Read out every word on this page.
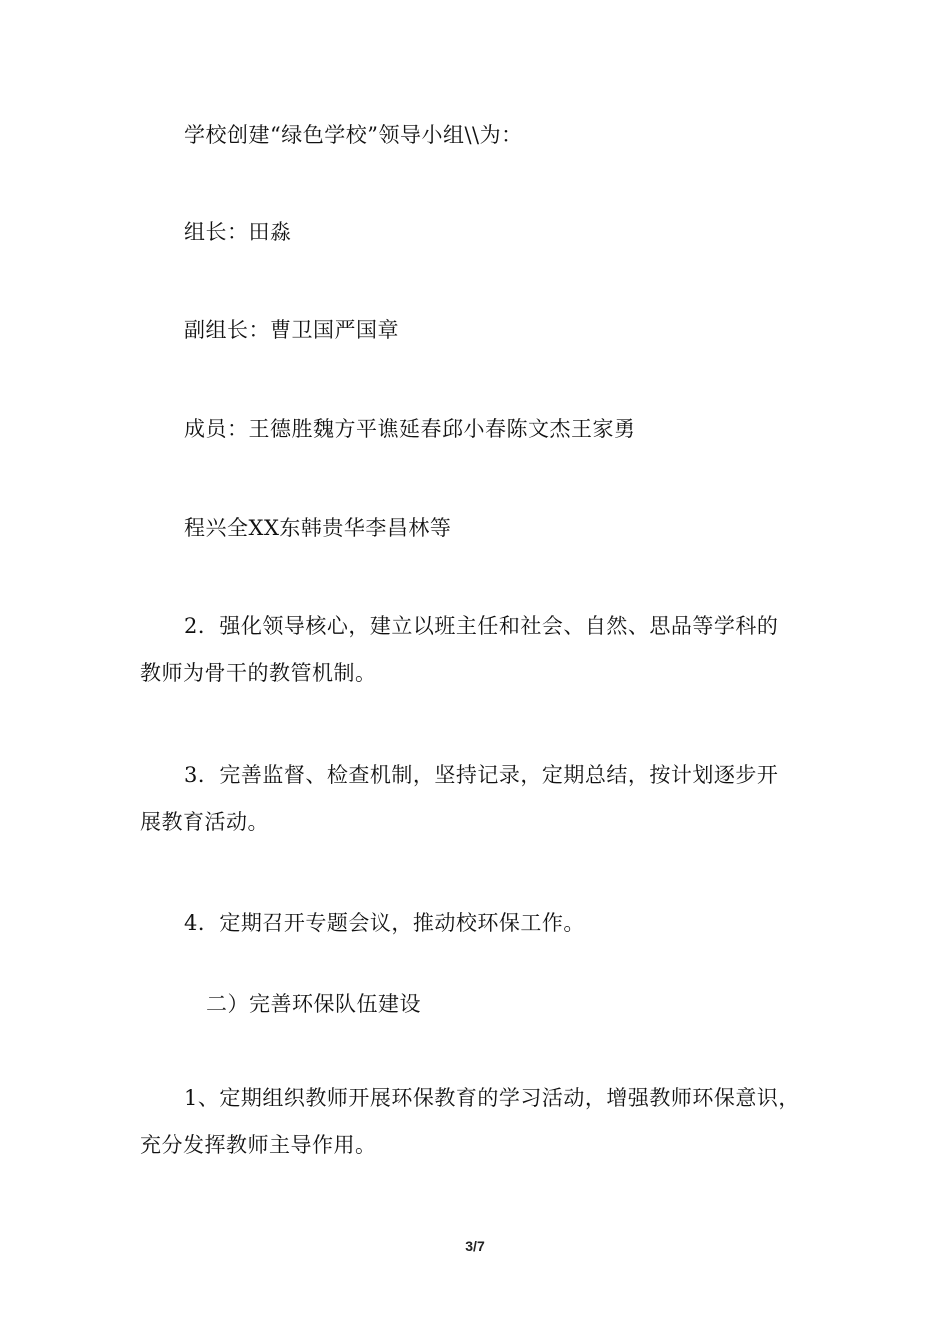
学校创建“绿色学校”领导小组\\为：
组长：田淼
副组长：曹卫国严国章
成员：王德胜魏方平谯延春邱小春陈文杰王家勇
程兴全XX东韩贵华李昌林等
2．强化领导核心，建立以班主任和社会、自然、思品等学科的
教师为骨干的教管机制。
3．完善监督、检查机制，坚持记录，定期总结，按计划逐步开
展教育活动。
4．定期召开专题会议，推动校环保工作。
二）完善环保队伍建设
1、定期组织教师开展环保教育的学习活动，增强教师环保意识，
充分发挥教师主导作用。
3/7
